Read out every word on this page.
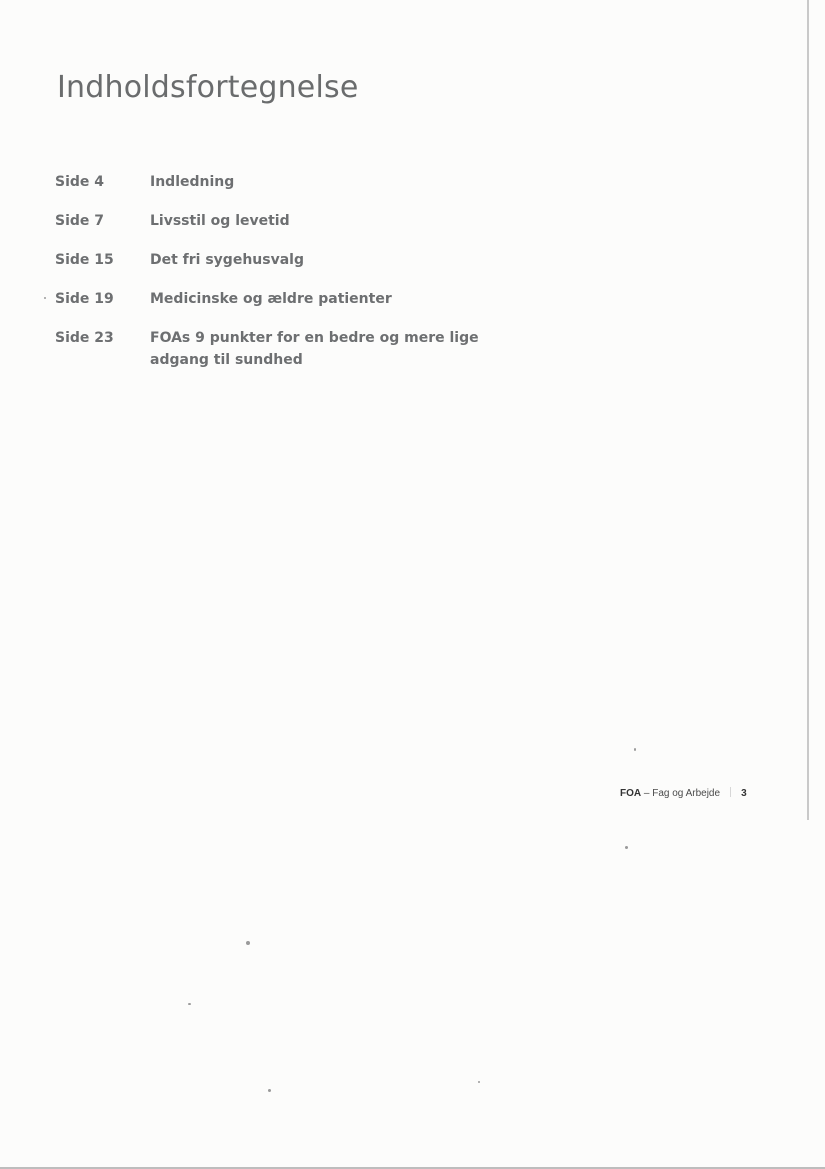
Indholdsfortegnelse
Side 4	Indledning
Side 7	Livsstil og levetid
Side 15	Det fri sygehusvalg
Side 19	Medicinske og ældre patienter
Side 23	FOAs 9 punkter for en bedre og mere lige adgang til sundhed
FOA – Fag og Arbejde 3
